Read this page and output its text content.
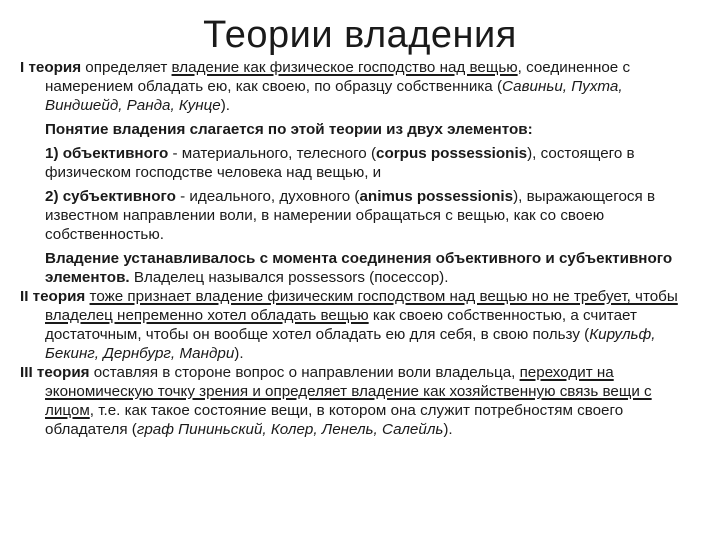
Теории владения

I теория определяет владение как физическое господство над вещью, соединенное с намерением обладать ею, как своею, по образцу собственника (Савиньи, Пухта, Виндшейд, Ранда, Кунце).

Понятие владения слагается по этой теории из двух элементов:

1) объективного - материального, телесного (corpus possessionis), состоящего в физическом господстве человека над вещью, и

2) субъективного - идеального, духовного (animus possessionis), выражающегося в известном направлении воли, в намерении обращаться с вещью, как со своею собственностью.

Владение устанавливалось с момента соединения объективного и субъективного элементов. Владелец назывался possessors (посессор).

II теория тоже признает владение физическим господством над вещью но не требует, чтобы владелец непременно хотел обладать вещью как своею собственностью, а считает достаточным, чтобы он вообще хотел обладать ею для себя, в свою пользу (Кирульф, Бекинг, Дернбург, Мандри).

III теория оставляя в стороне вопрос о направлении воли владельца, переходит на экономическую точку зрения и определяет владение как хозяйственную связь вещи с лицом, т.е. как такое состояние вещи, в котором она служит потребностям своего обладателя (граф Пининьский, Колер, Ленель, Салейль).
